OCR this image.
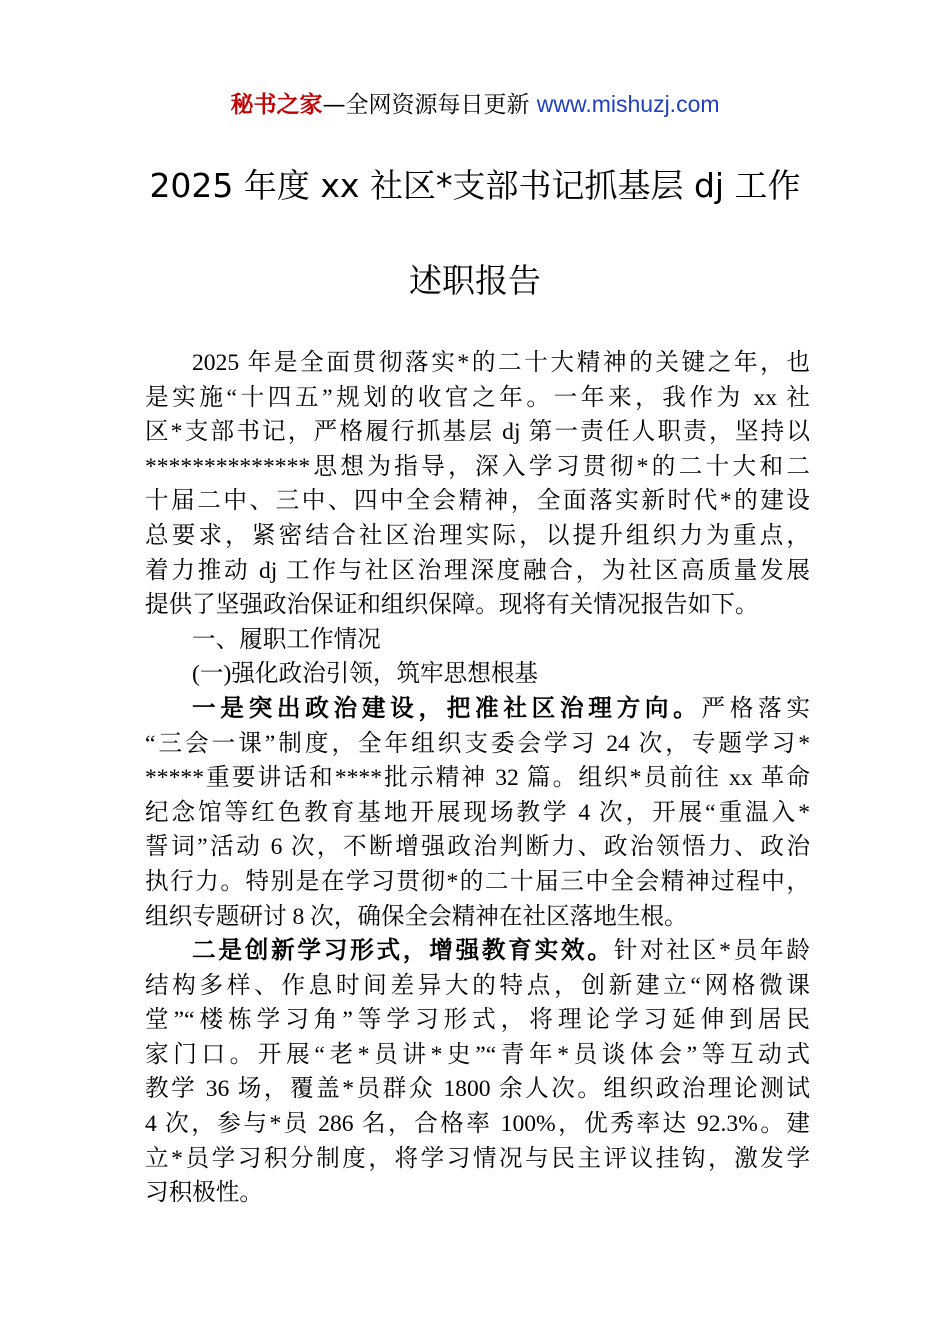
秘书之家—全网资源每日更新 www.mishuzj.com
2025 年度 xx 社区*支部书记抓基层 dj 工作
述职报告
2025 年是全面贯彻落实*的二十大精神的关键之年，也
是实施“十四五”规划的收官之年。一年来，我作为 xx 社
区*支部书记，严格履行抓基层 dj 第一责任人职责，坚持以
**************思想为指导，深入学习贯彻*的二十大和二
十届二中、三中、四中全会精神，全面落实新时代*的建设
总要求，紧密结合社区治理实际，以提升组织力为重点，
着力推动 dj 工作与社区治理深度融合，为社区高质量发展
提供了坚强政治保证和组织保障。现将有关情况报告如下。
一、履职工作情况
(一)强化政治引领，筑牢思想根基
一是突出政治建设，把准社区治理方向。严格落实
“三会一课”制度，全年组织支委会学习 24 次，专题学习*
*****重要讲话和****批示精神 32 篇。组织*员前往 xx 革命
纪念馆等红色教育基地开展现场教学 4 次，开展“重温入*
誓词”活动 6 次，不断增强政治判断力、政治领悟力、政治
执行力。特别是在学习贯彻*的二十届三中全会精神过程中，
组织专题研讨 8 次，确保全会精神在社区落地生根。
二是创新学习形式，增强教育实效。针对社区*员年龄
结构多样、作息时间差异大的特点，创新建立“网格微课
堂”“楼栋学习角”等学习形式，将理论学习延伸到居民
家门口。开展“老*员讲*史”“青年*员谈体会”等互动式
教学 36 场，覆盖*员群众 1800 余人次。组织政治理论测试
4 次，参与*员 286 名，合格率 100%，优秀率达 92.3%。建
立*员学习积分制度，将学习情况与民主评议挂钩，激发学
习积极性。
